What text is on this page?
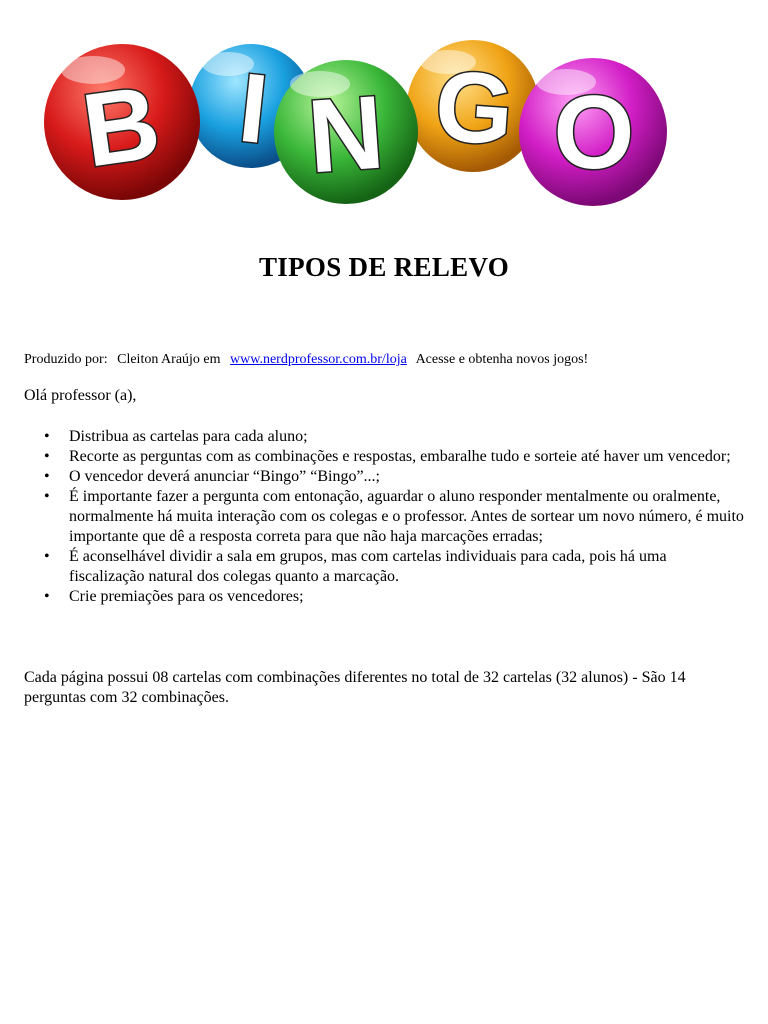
B I N G O
TIPOS DE RELEVO
Produzido por: Cleiton Araújo em www.nerdprofessor.com.br/loja Acesse e obtenha novos jogos!
Olá professor (a),
• Distribua as cartelas para cada aluno;
• Recorte as perguntas com as combinações e respostas, embaralhe tudo e sorteie até haver um vencedor;
• O vencedor deverá anunciar “Bingo” “Bingo”...;
• É importante fazer a pergunta com entonação, aguardar o aluno responder mentalmente ou oralmente, normalmente há muita interação com os colegas e o professor. Antes de sortear um novo número, é muito importante que dê a resposta correta para que não haja marcações erradas;
• É aconselhável dividir a sala em grupos, mas com cartelas individuais para cada, pois há uma fiscalização natural dos colegas quanto a marcação.
• Crie premiações para os vencedores;
Cada página possui 08 cartelas com combinações diferentes no total de 32 cartelas (32 alunos) - São 14 perguntas com 32 combinações.
